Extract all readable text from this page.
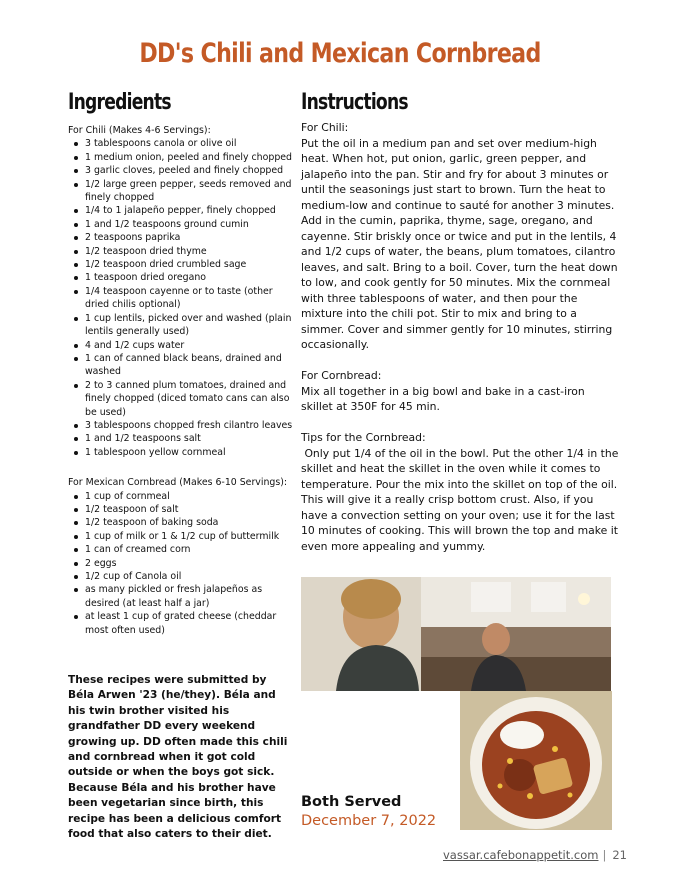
DD's Chili and Mexican Cornbread
Ingredients
For Chili (Makes 4-6 Servings):
3 tablespoons canola or olive oil
1 medium onion, peeled and finely chopped
3 garlic cloves, peeled and finely chopped
1/2 large green pepper, seeds removed and finely chopped
1/4 to 1 jalapeño pepper, finely chopped
1 and 1/2 teaspoons ground cumin
2 teaspoons paprika
1/2 teaspoon dried thyme
1/2 teaspoon dried crumbled sage
1 teaspoon dried oregano
1/4 teaspoon cayenne or to taste (other dried chilis optional)
1 cup lentils, picked over and washed (plain lentils generally used)
4 and 1/2 cups water
1 can of canned black beans, drained and washed
2 to 3 canned plum tomatoes, drained and finely chopped (diced tomato cans can also be used)
3 tablespoons chopped fresh cilantro leaves
1 and 1/2 teaspoons salt
1 tablespoon yellow cornmeal
For Mexican Cornbread (Makes 6-10 Servings):
1 cup of cornmeal
1/2 teaspoon of salt
1/2 teaspoon of baking soda
1 cup of milk or 1 & 1/2 cup of buttermilk
1 can of creamed corn
2 eggs
1/2 cup of Canola oil
as many pickled or fresh jalapeños as desired (at least half a jar)
at least 1 cup of grated cheese (cheddar most often used)
These recipes were submitted by Béla Arwen '23 (he/they). Béla and his twin brother visited his grandfather DD every weekend growing up. DD often made this chili and cornbread when it got cold outside or when the boys got sick. Because Béla and his brother have been vegetarian since birth, this recipe has been a delicious comfort food that also caters to their diet.
Instructions

For Chili:

Put the oil in a medium pan and set over medium-high heat. When hot, put onion, garlic, green pepper, and jalapeño into the pan. Stir and fry for about 3 minutes or until the seasonings just start to brown. Turn the heat to medium-low and continue to sauté for another 3 minutes. Add in the cumin, paprika, thyme, sage, oregano, and cayenne. Stir briskly once or twice and put in the lentils, 4 and 1/2 cups of water, the beans, plum tomatoes, cilantro leaves, and salt. Bring to a boil. Cover, turn the heat down to low, and cook gently for 50 minutes. Mix the cornmeal with three tablespoons of water, and then pour the mixture into the chili pot. Stir to mix and bring to a simmer. Cover and simmer gently for 10 minutes, stirring occasionally.

For Cornbread:

Mix all together in a big bowl and bake in a cast-iron skillet at 350F for 45 min.

Tips for the Cornbread:

Only put 1/4 of the oil in the bowl. Put the other 1/4 in the skillet and heat the skillet in the oven while it comes to temperature. Pour the mix into the skillet on top of the oil. This will give it a really crisp bottom crust. Also, if you have a convection setting on your oven; use it for the last 10 minutes of cooking. This will brown the top and make it even more appealing and yummy.

Both Served
December 7, 2022
vassar.cafebonappetit.com | 21
